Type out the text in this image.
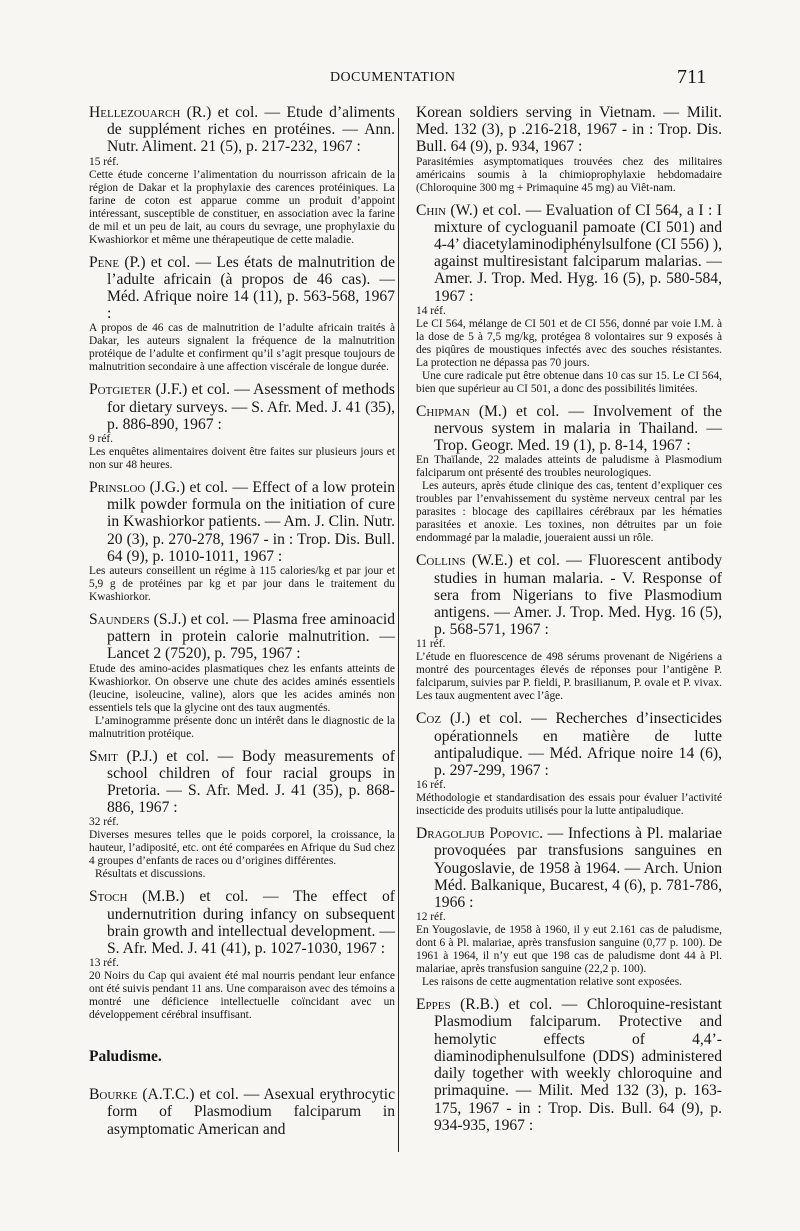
DOCUMENTATION	711

Hellezouarch (R.) et col. — Etude d’aliments de supplément riches en protéines. — Ann. Nutr. Aliment. 21 (5), p. 217-232, 1967 :

15 réf.

Cette étude concerne l’alimentation du nourrisson africain de la région de Dakar et la prophylaxie des carences protéiniques. La farine de coton est apparue comme un produit d’appoint intéressant, susceptible de constituer, en association avec la farine de mil et un peu de lait, au cours du sevrage, une prophylaxie du Kwashiorkor et même une thérapeutique de cette maladie.

Pene (P.) et col. — Les états de malnutrition de l’adulte africain (à propos de 46 cas). — Méd. Afrique noire 14 (11), p. 563-568, 1967 :

A propos de 46 cas de malnutrition de l’adulte africain traités à Dakar, les auteurs signalent la fréquence de la malnutrition protéique de l’adulte et confirment qu’il s’agit presque toujours de malnutrition secondaire à une affection viscérale de longue durée.

Potgieter (J.F.) et col. — Asessment of methods for dietary surveys. — S. Afr. Med. J. 41 (35), p. 886-890, 1967 :

9 réf.

Les enquêtes alimentaires doivent être faites sur plusieurs jours et non sur 48 heures.

Prinsloo (J.G.) et col. — Effect of a low protein milk powder formula on the initiation of cure in Kwashiorkor patients. — Am. J. Clin. Nutr. 20 (3), p. 270-278, 1967 - in : Trop. Dis. Bull. 64 (9), p. 1010-1011, 1967 :

Les auteurs conseillent un régime à 115 calories/kg et par jour et 5,9 g de protéines par kg et par jour dans le traitement du Kwashiorkor.

Saunders (S.J.) et col. — Plasma free aminoacid pattern in protein calorie malnutrition. — Lancet 2 (7520), p. 795, 1967 :

Etude des amino-acides plasmatiques chez les enfants atteints de Kwashiorkor. On observe une chute des acides aminés essentiels (leucine, isoleucine, valine), alors que les acides aminés non essentiels tels que la glycine ont des taux augmentés.

L’aminogramme présente donc un intérêt dans le diagnostic de la malnutrition protéique.

Smit (P.J.) et col. — Body measurements of school children of four racial groups in Pretoria. — S. Afr. Med. J. 41 (35), p. 868-886, 1967 :

32 réf.

Diverses mesures telles que le poids corporel, la croissance, la hauteur, l’adiposité, etc. ont été comparées en Afrique du Sud chez 4 groupes d’enfants de races ou d’origines différentes.

Résultats et discussions.

Stoch (M.B.) et col. — The effect of undernutrition during infancy on subsequent brain growth and intellectual development. — S. Afr. Med. J. 41 (41), p. 1027-1030, 1967 :

13 réf.

20 Noirs du Cap qui avaient été mal nourris pendant leur enfance ont été suivis pendant 11 ans. Une comparaison avec des témoins a montré une déficience intellectuelle coïncidant avec un développement cérébral insuffisant.

Paludisme.

Bourke (A.T.C.) et col. — Asexual erythrocytic form of Plasmodium falciparum in asymptomatic American and

Korean soldiers serving in Vietnam. — Milit. Med. 132 (3), p .216-218, 1967 - in : Trop. Dis. Bull. 64 (9), p. 934, 1967 :

Parasitémies asymptomatiques trouvées chez des militaires américains soumis à la chimioprophylaxie hebdomadaire (Chloroquine 300 mg + Primaquine 45 mg) au Viêt-nam.

Chin (W.) et col. — Evaluation of CI 564, a I : I mixture of cycloguanil pamoate (CI 501) and 4-4’ diacetylaminodiphénylsulfone (CI 556) ), against multiresistant falciparum malarias. — Amer. J. Trop. Med. Hyg. 16 (5), p. 580-584, 1967 :

14 réf.

Le CI 564, mélange de CI 501 et de CI 556, donné par voie I.M. à la dose de 5 à 7,5 mg/kg, protégea 8 volontaires sur 9 exposés à des piqûres de moustiques infectés avec des souches résistantes. La protection ne dépassa pas 70 jours.

Une cure radicale put être obtenue dans 10 cas sur 15. Le CI 564, bien que supérieur au CI 501, a donc des possibilités limitées.

Chipman (M.) et col. — Involvement of the nervous system in malaria in Thailand. — Trop. Geogr. Med. 19 (1), p. 8-14, 1967 :

En Thaïlande, 22 malades atteints de paludisme à Plasmodium falciparum ont présenté des troubles neurologiques.

Les auteurs, après étude clinique des cas, tentent d’expliquer ces troubles par l’envahissement du système nerveux central par les parasites : blocage des capillaires cérébraux par les hématies parasitées et anoxie. Les toxines, non détruites par un foie endommagé par la maladie, joueraient aussi un rôle.

Collins (W.E.) et col. — Fluorescent antibody studies in human malaria. - V. Response of sera from Nigerians to five Plasmodium antigens. — Amer. J. Trop. Med. Hyg. 16 (5), p. 568-571, 1967 :

11 réf.

L’étude en fluorescence de 498 sérums provenant de Nigériens a montré des pourcentages élevés de réponses pour l’antigène P. falciparum, suivies par P. fieldi, P. brasilianum, P. ovale et P. vivax. Les taux augmentent avec l’âge.

Coz (J.) et col. — Recherches d’insecticides opérationnels en matière de lutte antipaludique. — Méd. Afrique noire 14 (6), p. 297-299, 1967 :

16 réf.

Méthodologie et standardisation des essais pour évaluer l’activité insecticide des produits utilisés pour la lutte antipaludique.

Dragoljub Popovic. — Infections à Pl. malariae provoquées par transfusions sanguines en Yougoslavie, de 1958 à 1964. — Arch. Union Méd. Balkanique, Bucarest, 4 (6), p. 781-786, 1966 :

12 réf.

En Yougoslavie, de 1958 à 1960, il y eut 2.161 cas de paludisme, dont 6 à Pl. malariae, après transfusion sanguine (0,77 p. 100). De 1961 à 1964, il n’y eut que 198 cas de paludisme dont 44 à Pl. malariae, après transfusion sanguine (22,2 p. 100).

Les raisons de cette augmentation relative sont exposées.

Eppes (R.B.) et col. — Chloroquine-resistant Plasmodium falciparum. Protective and hemolytic effects of 4,4’-diaminodiphenulsulfone (DDS) administered daily together with weekly chloroquine and primaquine. — Milit. Med 132 (3), p. 163-175, 1967 - in : Trop. Dis. Bull. 64 (9), p. 934-935, 1967 :
